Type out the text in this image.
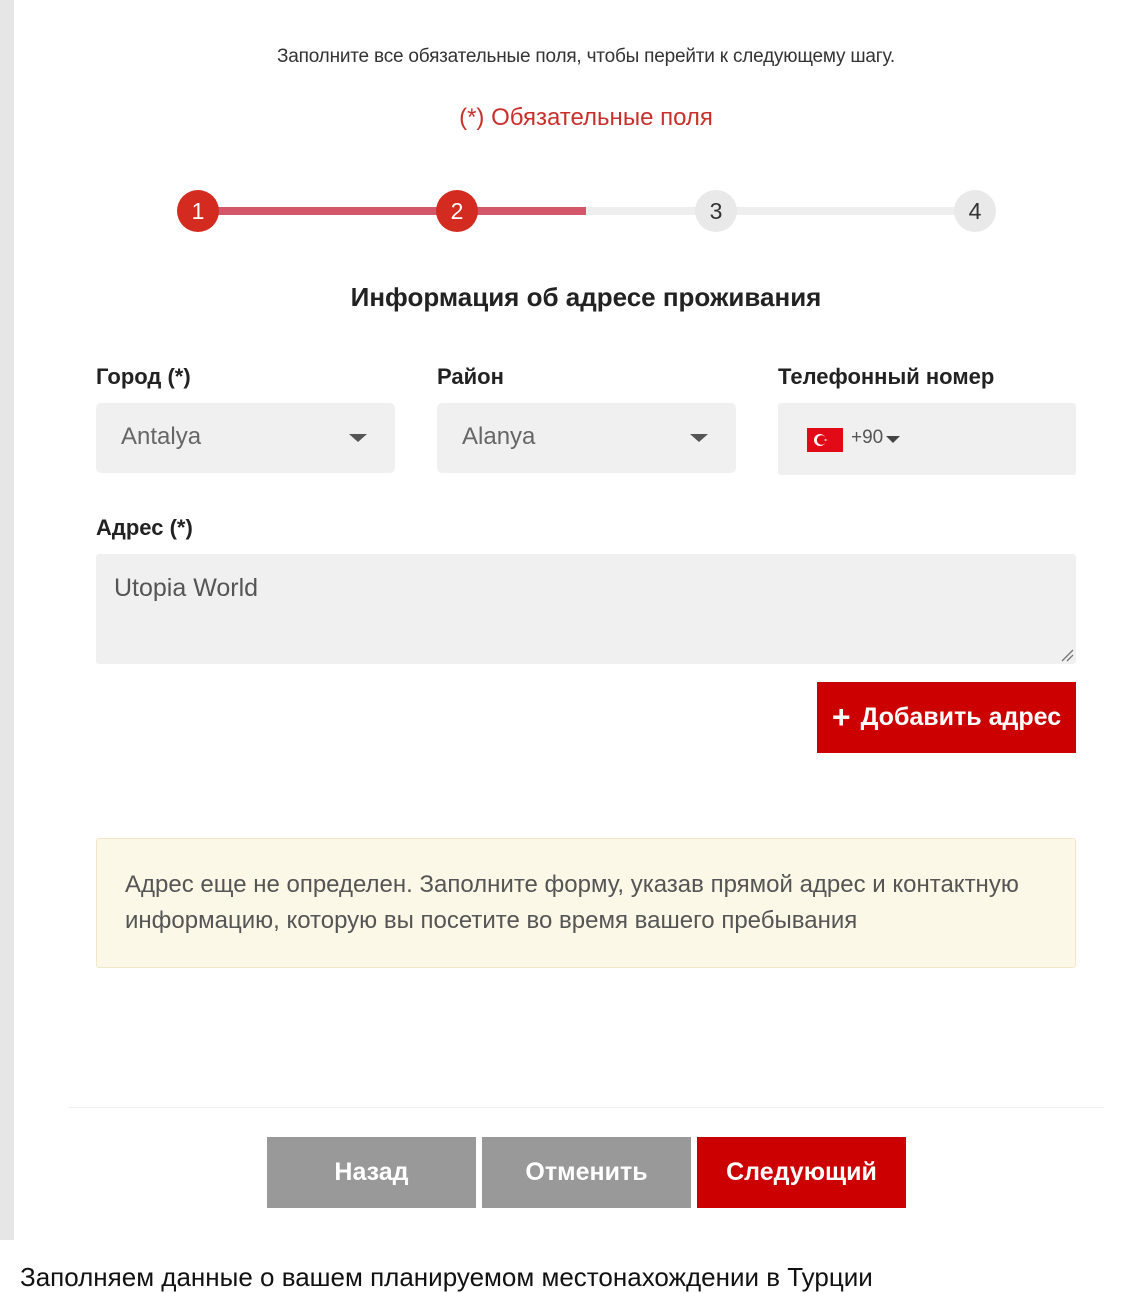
Заполните все обязательные поля, чтобы перейти к следующему шагу.
(*) Обязательные поля
1	2	3	4
Информация об адресе проживания
Город (*)
Antalya
Район
Alanya
Телефонный номер
+90
Адрес (*)
Utopia World
+ Добавить адрес
Адрес еще не определен. Заполните форму, указав прямой адрес и контактную информацию, которую вы посетите во время вашего пребывания
Назад	Отменить	Следующий
Заполняем данные о вашем планируемом местонахождении в Турции
